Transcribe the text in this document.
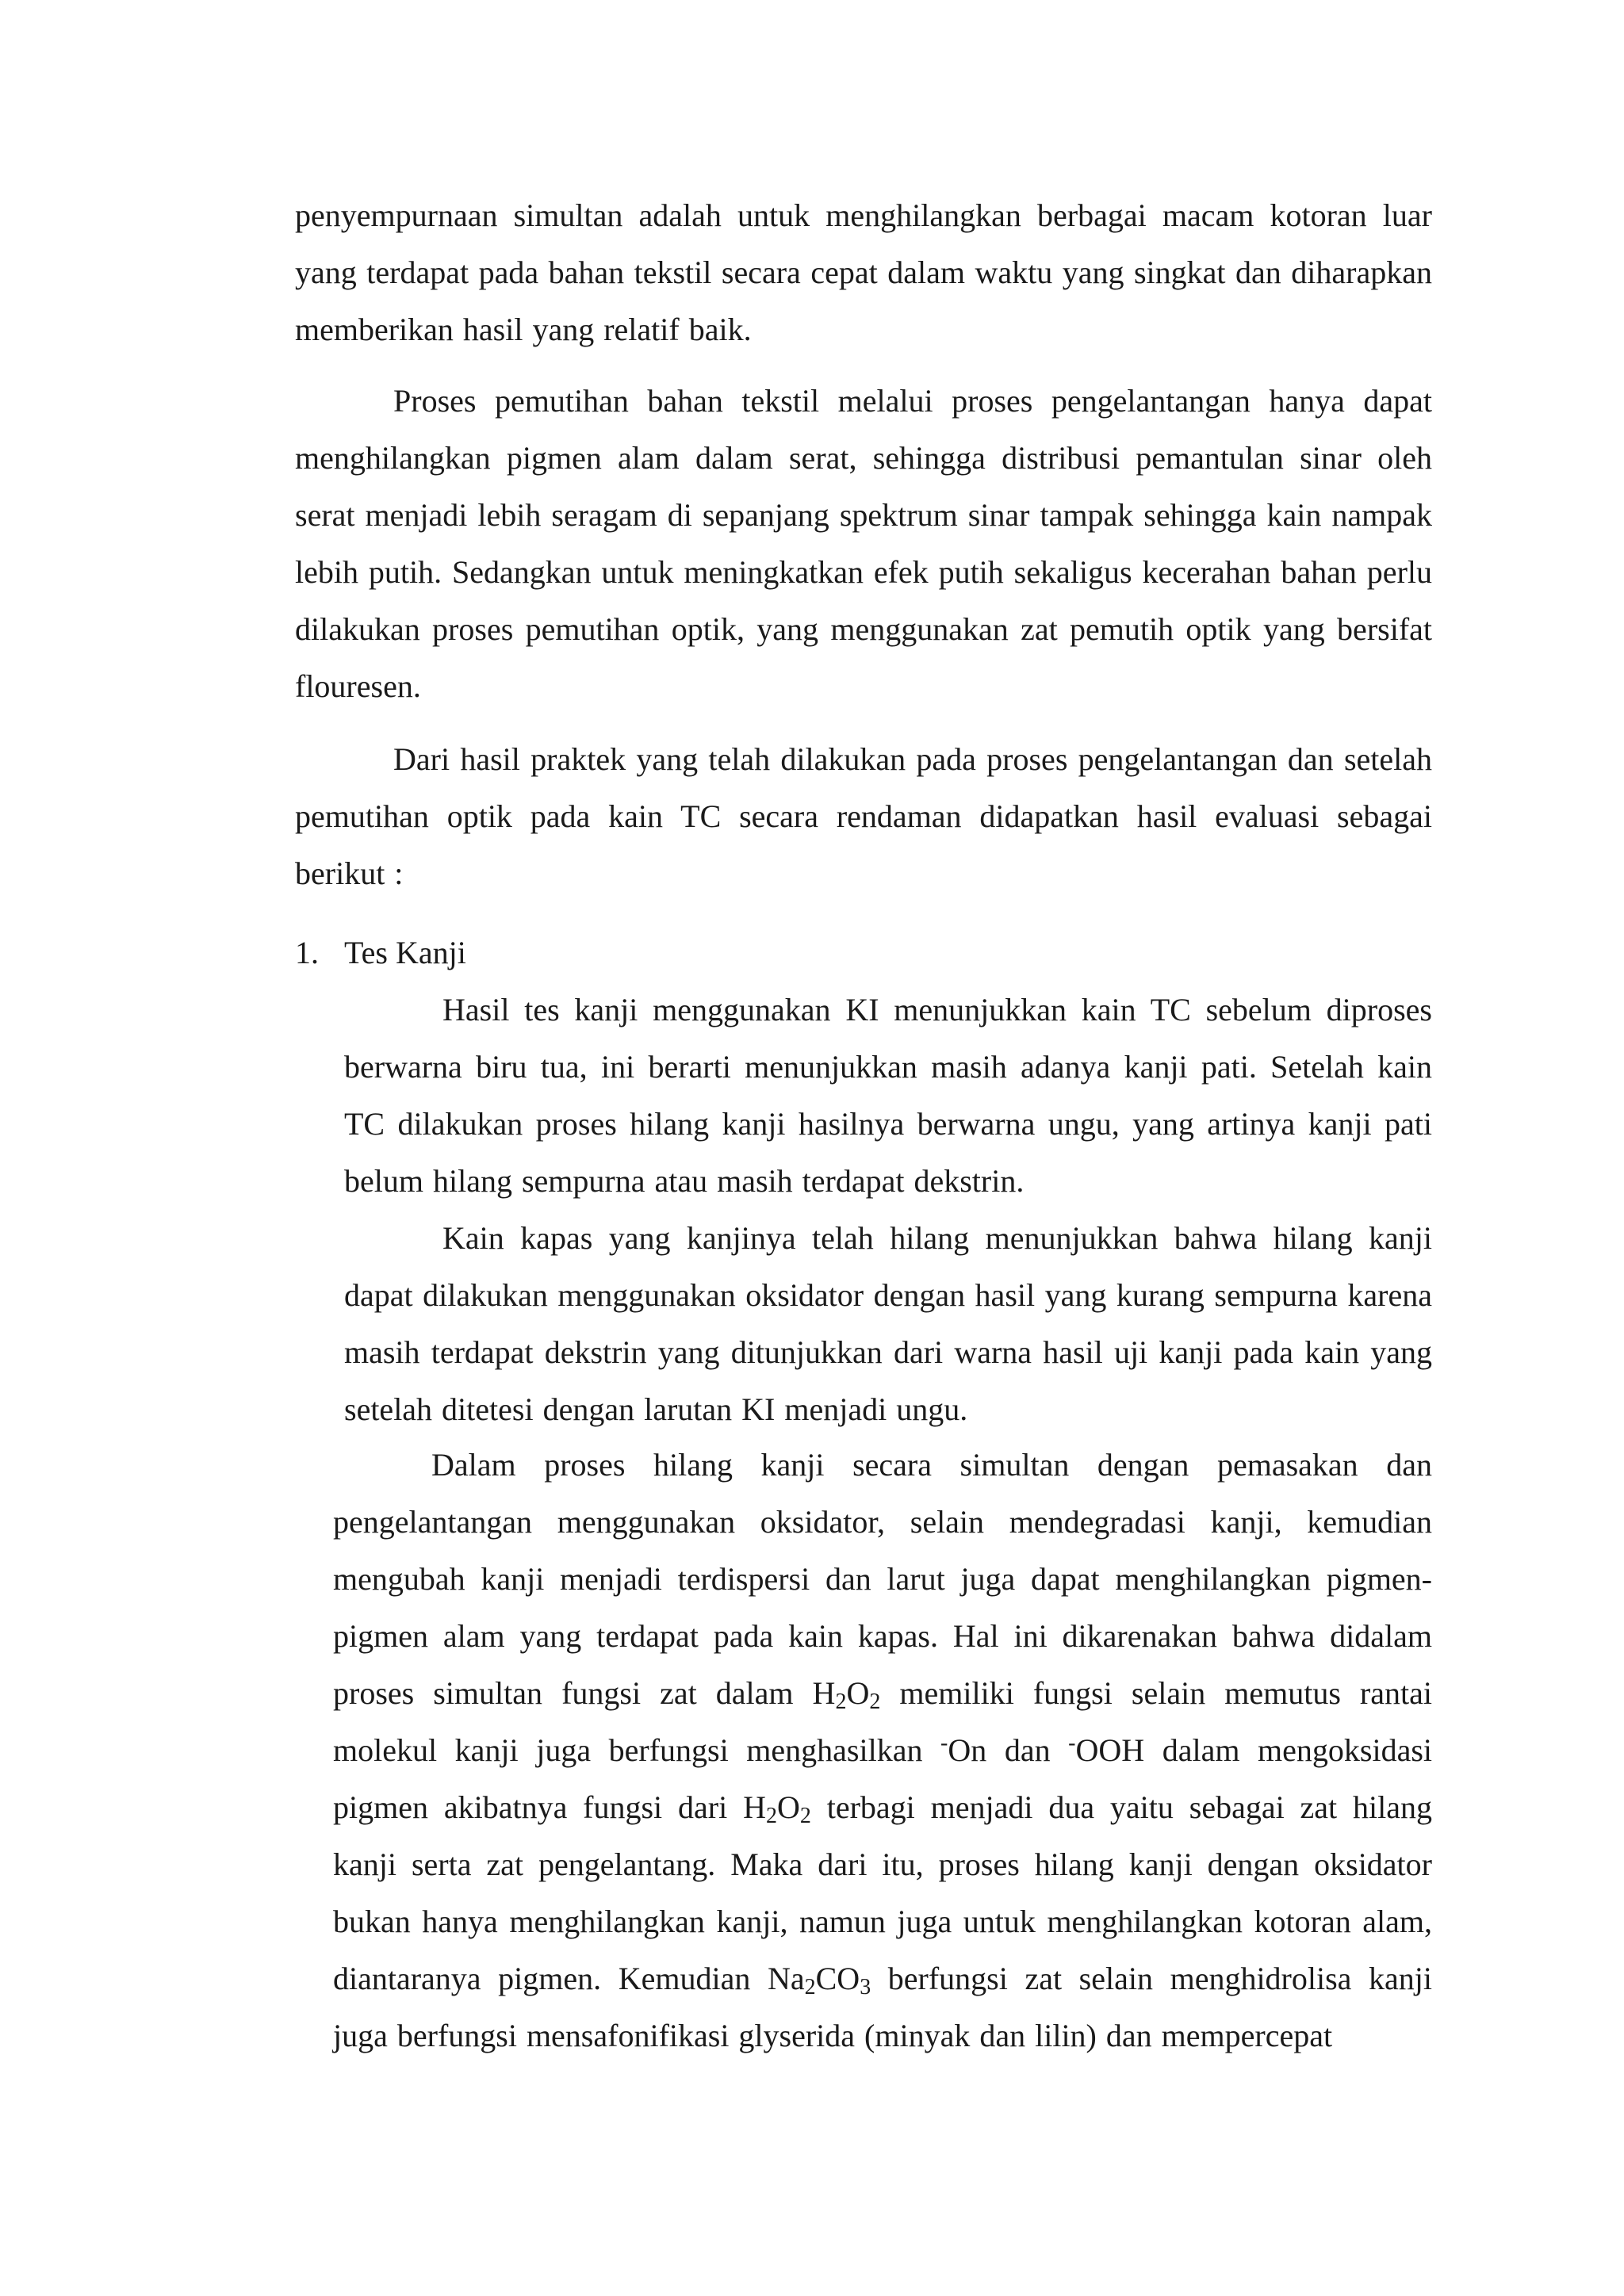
penyempurnaan simultan adalah untuk menghilangkan berbagai macam kotoran luar yang terdapat pada bahan tekstil secara cepat dalam waktu yang singkat dan diharapkan memberikan hasil yang relatif baik.

Proses pemutihan bahan tekstil melalui proses pengelantangan hanya dapat menghilangkan pigmen alam dalam serat, sehingga distribusi pemantulan sinar oleh serat menjadi lebih seragam di sepanjang spektrum sinar tampak sehingga kain nampak lebih putih. Sedangkan untuk meningkatkan efek putih sekaligus kecerahan bahan perlu dilakukan proses pemutihan optik, yang menggunakan zat pemutih optik yang bersifat flouresen.

Dari hasil praktek yang telah dilakukan pada proses pengelantangan dan setelah pemutihan optik pada kain TC secara rendaman didapatkan hasil evaluasi sebagai berikut :

1. Tes Kanji

Hasil tes kanji menggunakan KI menunjukkan kain TC sebelum diproses berwarna biru tua, ini berarti menunjukkan masih adanya kanji pati. Setelah kain TC dilakukan proses hilang kanji hasilnya berwarna ungu, yang artinya kanji pati belum hilang sempurna atau masih terdapat dekstrin.

Kain kapas yang kanjinya telah hilang menunjukkan bahwa hilang kanji dapat dilakukan menggunakan oksidator dengan hasil yang kurang sempurna karena masih terdapat dekstrin yang ditunjukkan dari warna hasil uji kanji pada kain yang setelah ditetesi dengan larutan KI menjadi ungu.

Dalam proses hilang kanji secara simultan dengan pemasakan dan pengelantangan menggunakan oksidator, selain mendegradasi kanji, kemudian mengubah kanji menjadi terdispersi dan larut juga dapat menghilangkan pigmen-pigmen alam yang terdapat pada kain kapas. Hal ini dikarenakan bahwa didalam proses simultan fungsi zat dalam $H_2O_2$ memiliki fungsi selain memutus rantai molekul kanji juga berfungsi menghasilkan -On dan -OOH dalam mengoksidasi pigmen akibatnya fungsi dari $H_2O_2$ terbagi menjadi dua yaitu sebagai zat hilang kanji serta zat pengelantang. Maka dari itu, proses hilang kanji dengan oksidator bukan hanya menghilangkan kanji, namun juga untuk menghilangkan kotoran alam, diantaranya pigmen. Kemudian $Na_2CO_3$ berfungsi zat selain menghidrolisa kanji juga berfungsi mensafonifikasi glyserida (minyak dan lilin) dan mempercepat
